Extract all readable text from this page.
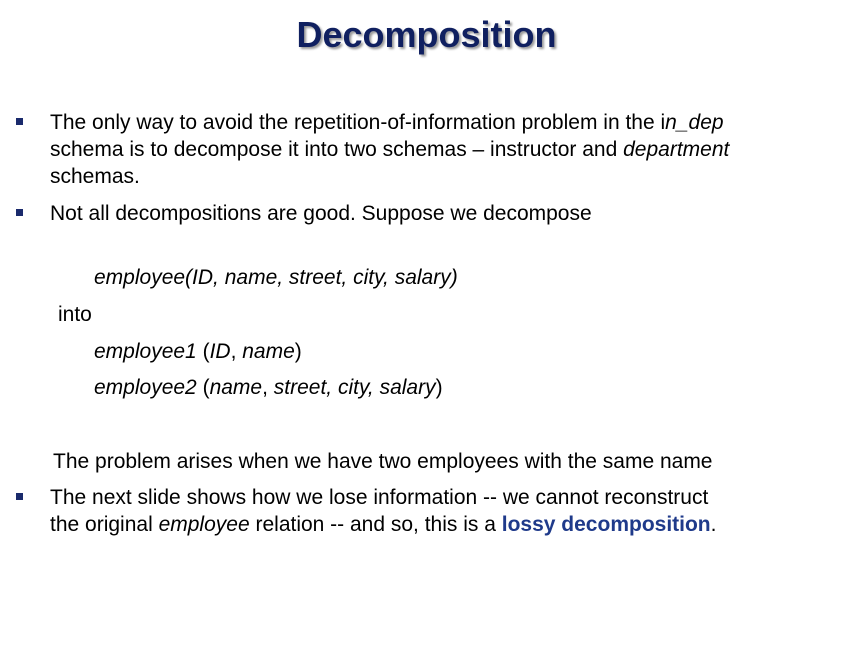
Decomposition
The only way to avoid the repetition-of-information problem in the in_dep
schema is to decompose it into two schemas – instructor and department
schemas.
Not all decompositions are good. Suppose we decompose
employee(ID, name, street, city, salary)
into
employee1 (ID, name)
employee2 (name, street, city, salary)
The problem arises when we have two employees with the same name
The next slide shows how we lose information -- we cannot reconstruct
the original employee relation -- and so, this is a lossy decomposition.
